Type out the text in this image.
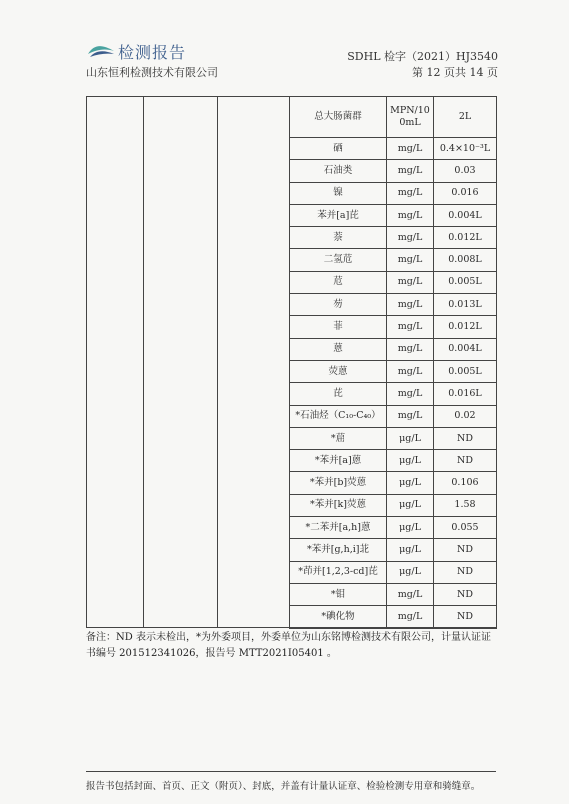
检测报告
山东恒利检测技术有限公司
SDHL 检字（2021）HJ3540
第 12 页共 14 页
总大肠菌群	MPN/100mL	2L
硒	mg/L	0.4×10⁻³L
石油类	mg/L	0.03
镍	mg/L	0.016
苯并[a]芘	mg/L	0.004L
萘	mg/L	0.012L
二氢苊	mg/L	0.008L
苊	mg/L	0.005L
芴	mg/L	0.013L
菲	mg/L	0.012L
蒽	mg/L	0.004L
荧蒽	mg/L	0.005L
芘	mg/L	0.016L
*石油烃（C₁₀-C₄₀）	mg/L	0.02
*䓛	μg/L	ND
*苯并[a]蒽	μg/L	ND
*苯并[b]荧蒽	μg/L	0.106
*苯并[k]荧蒽	μg/L	1.58
*二苯并[a,h]蒽	μg/L	0.055
*苯并[g,h,i]苝	μg/L	ND
*茚并[1,2,3-cd]芘	μg/L	ND
*钼	mg/L	ND
*碘化物	mg/L	ND
备注：ND 表示未检出，*为外委项目，外委单位为山东铭博检测技术有限公司，计量认证证书编号 201512341026，报告号 MTT2021I05401 。
报告书包括封面、首页、正文（附页）、封底，并盖有计量认证章、检验检测专用章和骑缝章。
